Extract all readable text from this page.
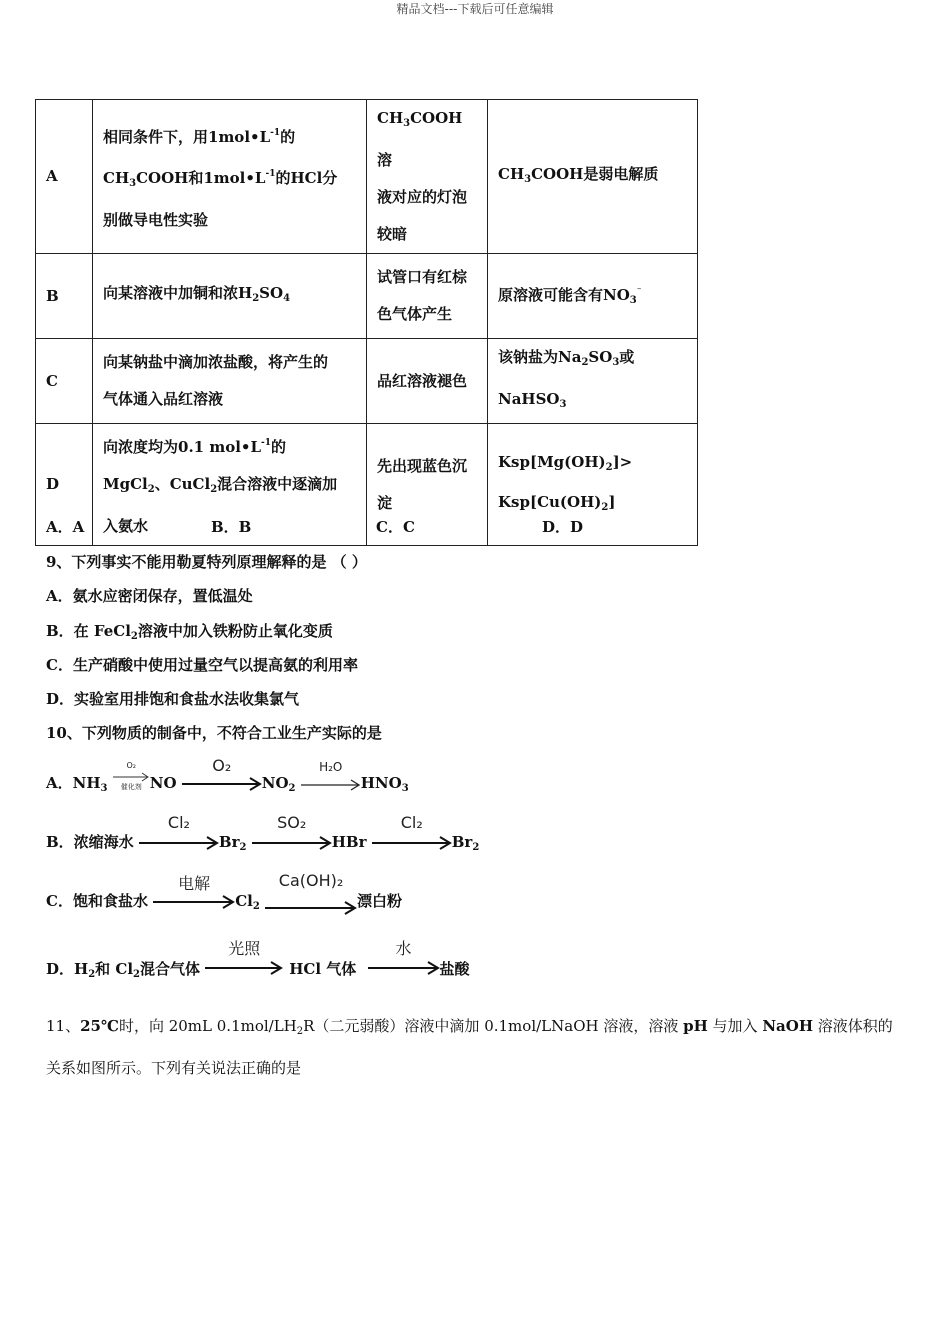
精品文档---下载后可任意编辑
A	相同条件下，用$1mol•L^{-1}$的
$CH_3COOH$和$1mol•L^{-1}$的HCl分
别做导电性实验	$CH_3COOH$溶
液对应的灯泡
较暗	$CH_3COOH$是弱电解质
B	向某溶液中加铜和浓$H_2SO_4$	试管口有红棕
色气体产生	原溶液可能含有$NO_3^{^-}$
C	向某钠盐中滴加浓盐酸，将产生的
气体通入品红溶液	品红溶液褪色	该钠盐为$Na_2SO_3$或
NaHSO$_3$
D	向浓度均为0.1 $mol•L^{-1}$的
MgCl$_2$、CuCl$_2$混合溶液中逐滴加
入氨水	先出现蓝色沉
淀	$Ksp[Mg(OH)_2]>$
$Ksp[Cu(OH)_2]$
A．A	B．B	C．C	D．D
9、下列事实不能用勒夏特列原理解释的是 （ ）
A．氨水应密闭保存，置低温处
B．在 FeCl$_2$溶液中加入铁粉防止氧化变质
C．生产硝酸中使用过量空气以提高氨的利用率
D．实验室用排饱和食盐水法收集氯气
10、下列物质的制备中，不符合工业生产实际的是
A．$NH_3$
O₂
催化剂 NO
O₂
$NO_2$
H₂O
$HNO_3$
B．浓缩海水
Cl₂
$Br_2$
SO₂
HBr
Cl₂
$Br_2$
C．饱和食盐水
电解
$Cl_2$
Ca(OH)₂
漂白粉
D．$H_2$和 $Cl_2$混合气体
光照
HCl 气体
水
盐酸
11、25℃时，向 20mL $0.1mol/LH_2R$（二元弱酸）溶液中滴加 0.1mol/LNaOH 溶液，溶液 pH 与加入 NaOH 溶液体积的
关系如图所示。下列有关说法正确的是
